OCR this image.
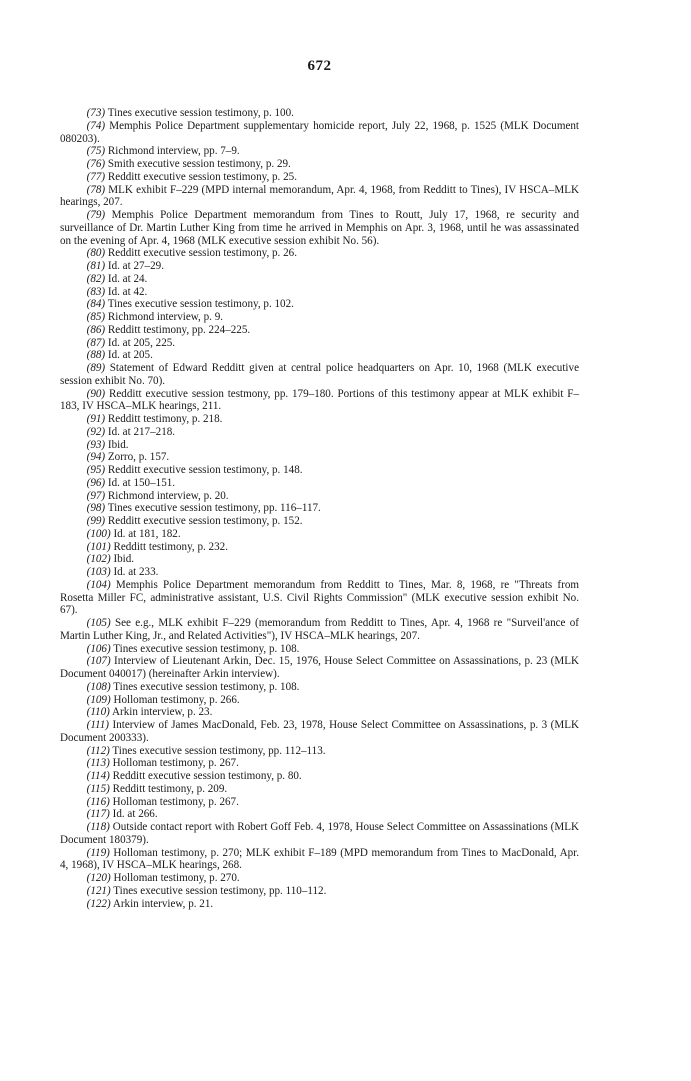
672

(73) Tines executive session testimony, p. 100.

(74) Memphis Police Department supplementary homicide report, July 22, 1968, p. 1525 (MLK Document 080203).

(75) Richmond interview, pp. 7–9.

(76) Smith executive session testimony, p. 29.

(77) Redditt executive session testimony, p. 25.

(78) MLK exhibit F–229 (MPD internal memorandum, Apr. 4, 1968, from Redditt to Tines), IV HSCA–MLK hearings, 207.

(79) Memphis Police Department memorandum from Tines to Routt, July 17, 1968, re security and surveillance of Dr. Martin Luther King from time he arrived in Memphis on Apr. 3, 1968, until he was assassinated on the evening of Apr. 4, 1968 (MLK executive session exhibit No. 56).

(80) Redditt executive session testimony, p. 26.

(81) Id. at 27–29.

(82) Id. at 24.

(83) Id. at 42.

(84) Tines executive session testimony, p. 102.

(85) Richmond interview, p. 9.

(86) Redditt testimony, pp. 224–225.

(87) Id. at 205, 225.

(88) Id. at 205.

(89) Statement of Edward Redditt given at central police headquarters on Apr. 10, 1968 (MLK executive session exhibit No. 70).

(90) Redditt executive session testmony, pp. 179–180. Portions of this testimony appear at MLK exhibit F–183, IV HSCA–MLK hearings, 211.

(91) Redditt testimony, p. 218.

(92) Id. at 217–218.

(93) Ibid.

(94) Zorro, p. 157.

(95) Redditt executive session testimony, p. 148.

(96) Id. at 150–151.

(97) Richmond interview, p. 20.

(98) Tines executive session testimony, pp. 116–117.

(99) Redditt executive session testimony, p. 152.

(100) Id. at 181, 182.

(101) Redditt testimony, p. 232.

(102) Ibid.

(103) Id. at 233.

(104) Memphis Police Department memorandum from Redditt to Tines, Mar. 8, 1968, re "Threats from Rosetta Miller FC, administrative assistant, U.S. Civil Rights Commission" (MLK executive session exhibit No. 67).

(105) See e.g., MLK exhibit F–229 (memorandum from Redditt to Tines, Apr. 4, 1968 re "Surveil'ance of Martin Luther King, Jr., and Related Activities"), IV HSCA–MLK hearings, 207.

(106) Tines executive session testimony, p. 108.

(107) Interview of Lieutenant Arkin, Dec. 15, 1976, House Select Committee on Assassinations, p. 23 (MLK Document 040017) (hereinafter Arkin interview).

(108) Tines executive session testimony, p. 108.

(109) Holloman testimony, p. 266.

(110) Arkin interview, p. 23.

(111) Interview of James MacDonald, Feb. 23, 1978, House Select Committee on Assassinations, p. 3 (MLK Document 200333).

(112) Tines executive session testimony, pp. 112–113.

(113) Holloman testimony, p. 267.

(114) Redditt executive session testimony, p. 80.

(115) Redditt testimony, p. 209.

(116) Holloman testimony, p. 267.

(117) Id. at 266.

(118) Outside contact report with Robert Goff Feb. 4, 1978, House Select Committee on Assassinations (MLK Document 180379).

(119) Holloman testimony, p. 270; MLK exhibit F–189 (MPD memorandum from Tines to MacDonald, Apr. 4, 1968), IV HSCA–MLK hearings, 268.

(120) Holloman testimony, p. 270.

(121) Tines executive session testimony, pp. 110–112.

(122) Arkin interview, p. 21.
